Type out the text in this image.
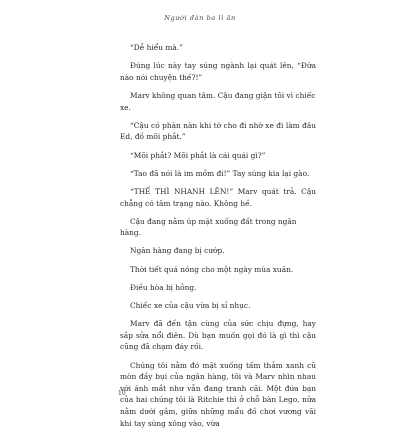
Người đàn ba lì ăn

“Dễ hiểu mà.”

Đúng lúc này tay súng ngành lại quát lên, “Đứa nào nói chuyện thế?!”

Marv không quan tâm. Cậu đang giận tôi vì chiếc xe.

“Cậu có phàn nàn khi tớ cho đi nhờ xe đi làm đâu Ed, đồ mõi phắt.”

“Mõi phắt? Mõi phắt là cái quái gì?”

“Tao đã nói là im mồm đi!” Tay súng kia lại gào.

“THẾ THÌ NHANH LÊN!” Marv quát trả. Cậu chẳng có tâm trạng nào. Không hề.

Cậu đang nằm úp mặt xuống đất trong ngân hàng.

Ngân hàng đang bị cướp.

Thời tiết quá nóng cho một ngày mùa xuân.

Điều hòa bị hỏng.

Chiếc xe của cậu vừa bị sỉ nhục.

Marv đã đến tận cùng của sức chịu đựng, hay sắp sửa nổi điên. Dù bạn muốn gọi đó là gì thì cậu cũng đã chạm đáy rồi.

Chúng tôi nằm đó mặt xuống tấm thảm xanh cũ mòn đầy bụi của ngân hàng, tôi và Marv nhìn nhau với ánh mắt như vẫn đang tranh cãi. Một đứa bạn của hai chúng tôi là Ritchie thì ở chỗ bàn Lego, nửa nằm dưới gầm, giữa những mẩu đồ chơi vương vãi khi tay súng xông vào, vừa

10
